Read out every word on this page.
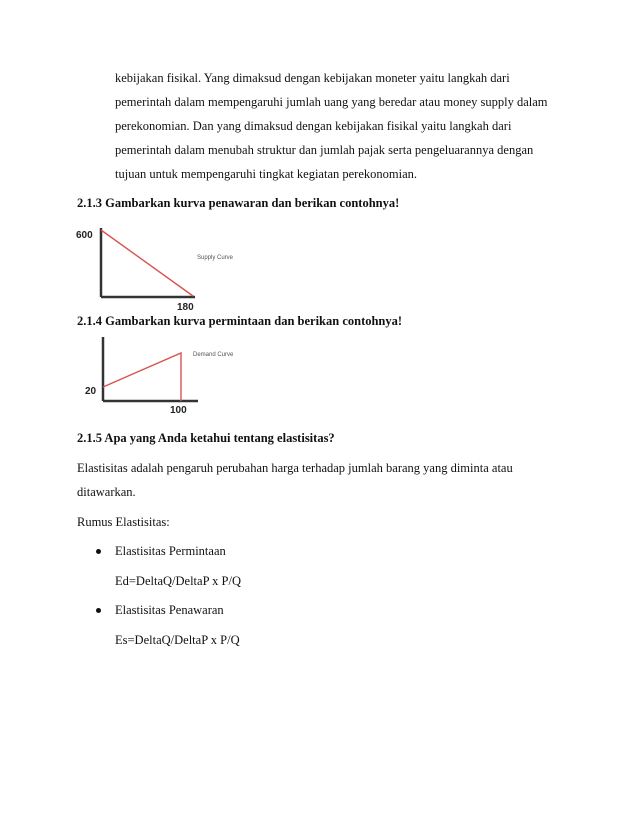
kebijakan fisikal. Yang dimaksud dengan kebijakan moneter yaitu langkah dari
pemerintah dalam mempengaruhi jumlah uang yang beredar atau money supply dalam
perekonomian. Dan yang dimaksud dengan kebijakan fisikal yaitu langkah dari
pemerintah dalam menubah struktur dan jumlah pajak serta pengeluarannya dengan
tujuan untuk mempengaruhi tingkat kegiatan perekonomian.
2.1.3 Gambarkan kurva penawaran dan berikan contohnya!
600
180
Supply Curve
2.1.4 Gambarkan kurva permintaan dan berikan contohnya!
20
100
Demand Curve
2.1.5 Apa yang Anda ketahui tentang elastisitas?
Elastisitas adalah pengaruh perubahan harga terhadap jumlah barang yang diminta atau
ditawarkan.
Rumus Elastisitas:
Elastisitas Permintaan
Ed=DeltaQ/DeltaP x P/Q
Elastisitas Penawaran
Es=DeltaQ/DeltaP x P/Q
